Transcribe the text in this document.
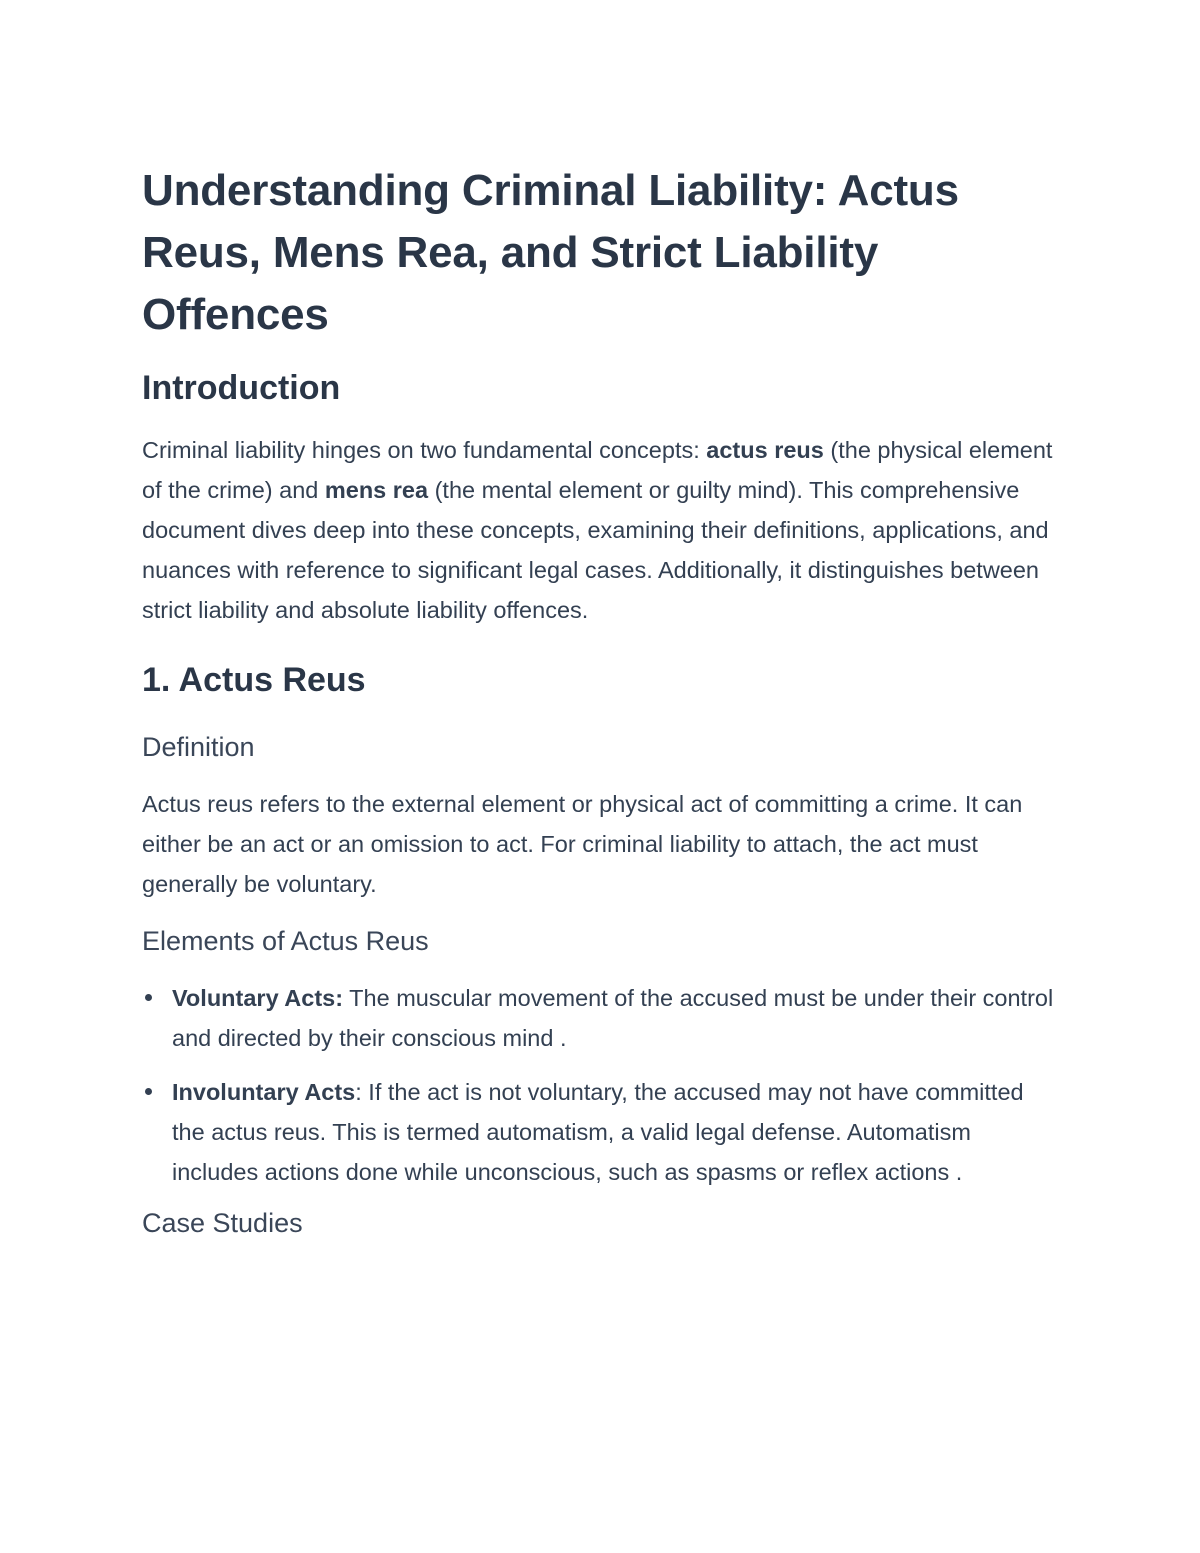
Understanding Criminal Liability: Actus Reus, Mens Rea, and Strict Liability Offences
Introduction

Criminal liability hinges on two fundamental concepts: actus reus (the physical element of the crime) and mens rea (the mental element or guilty mind). This comprehensive document dives deep into these concepts, examining their definitions, applications, and nuances with reference to significant legal cases. Additionally, it distinguishes between strict liability and absolute liability offences.

1. Actus Reus
Definition

Actus reus refers to the external element or physical act of committing a crime. It can either be an act or an omission to act. For criminal liability to attach, the act must generally be voluntary.

Elements of Actus Reus
Voluntary Acts: The muscular movement of the accused must be under their control and directed by their conscious mind .
Involuntary Acts: If the act is not voluntary, the accused may not have committed the actus reus. This is termed automatism, a valid legal defense. Automatism includes actions done while unconscious, such as spasms or reflex actions .
Case Studies
